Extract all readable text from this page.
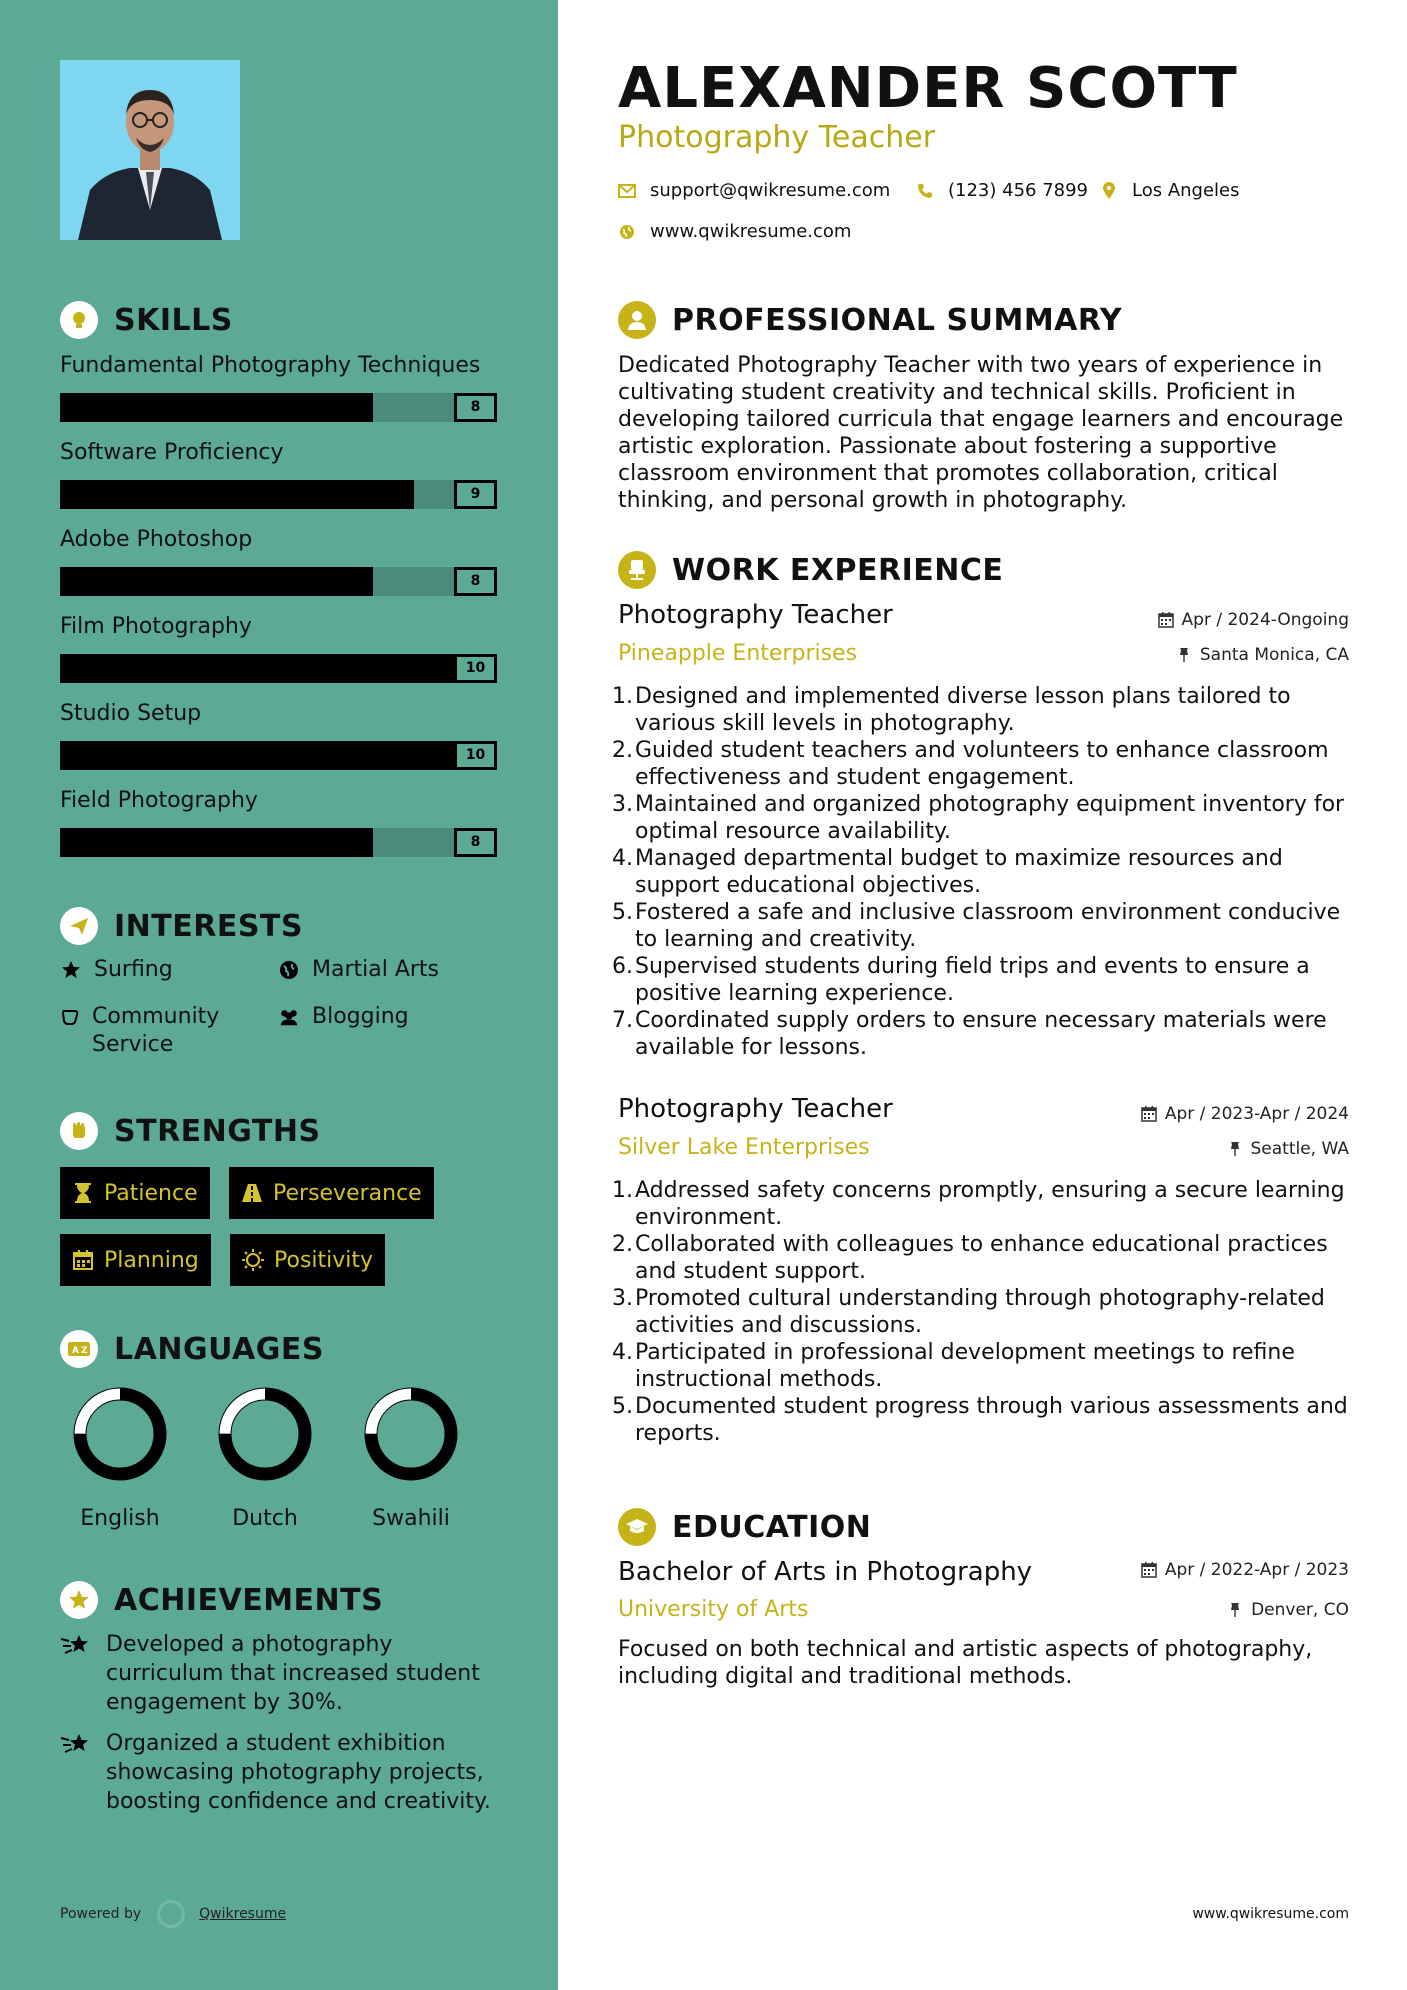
SKILLS
Fundamental Photography Techniques
8
Software Proficiency
9
Adobe Photoshop
8
Film Photography
10
Studio Setup
10
Field Photography
8
INTERESTS
Surfing	Martial Arts
Community Service
Blogging
STRENGTHS
Patience	Perseverance
Planning	Positivity
A Z LANGUAGES
English	Dutch	Swahili
ACHIEVEMENTS
Developed a photography curriculum that increased student engagement by 30%.
Organized a student exhibition showcasing photography projects, boosting confidence and creativity.
Powered by	Qwikresume
ALEXANDER SCOTT
Photography Teacher
support@qwikresume.com	(123) 456 7899 Los Angeles
www.qwikresume.com
PROFESSIONAL SUMMARY
Dedicated Photography Teacher with two years of experience in cultivating student creativity and technical skills. Proficient in developing tailored curricula that engage learners and encourage artistic exploration. Passionate about fostering a supportive classroom environment that promotes collaboration, critical thinking, and personal growth in photography.
WORK EXPERIENCE
Photography Teacher	Apr / 2024-Ongoing
Pineapple Enterprises	Santa Monica, CA
1. Designed and implemented diverse lesson plans tailored to various skill levels in photography.
2. Guided student teachers and volunteers to enhance classroom effectiveness and student engagement.
3. Maintained and organized photography equipment inventory for optimal resource availability.
4. Managed departmental budget to maximize resources and support educational objectives.
5. Fostered a safe and inclusive classroom environment conducive to learning and creativity.
6. Supervised students during field trips and events to ensure a positive learning experience.
7. Coordinated supply orders to ensure necessary materials were available for lessons.
Photography Teacher	Apr / 2023-Apr / 2024
Silver Lake Enterprises	Seattle, WA
1. Addressed safety concerns promptly, ensuring a secure learning environment.
2. Collaborated with colleagues to enhance educational practices and student support.
3. Promoted cultural understanding through photography-related activities and discussions.
4. Participated in professional development meetings to refine instructional methods.
5. Documented student progress through various assessments and reports.
EDUCATION
Bachelor of Arts in Photography	Apr / 2022-Apr / 2023
University of Arts	Denver, CO
Focused on both technical and artistic aspects of photography, including digital and traditional methods.
www.qwikresume.com
